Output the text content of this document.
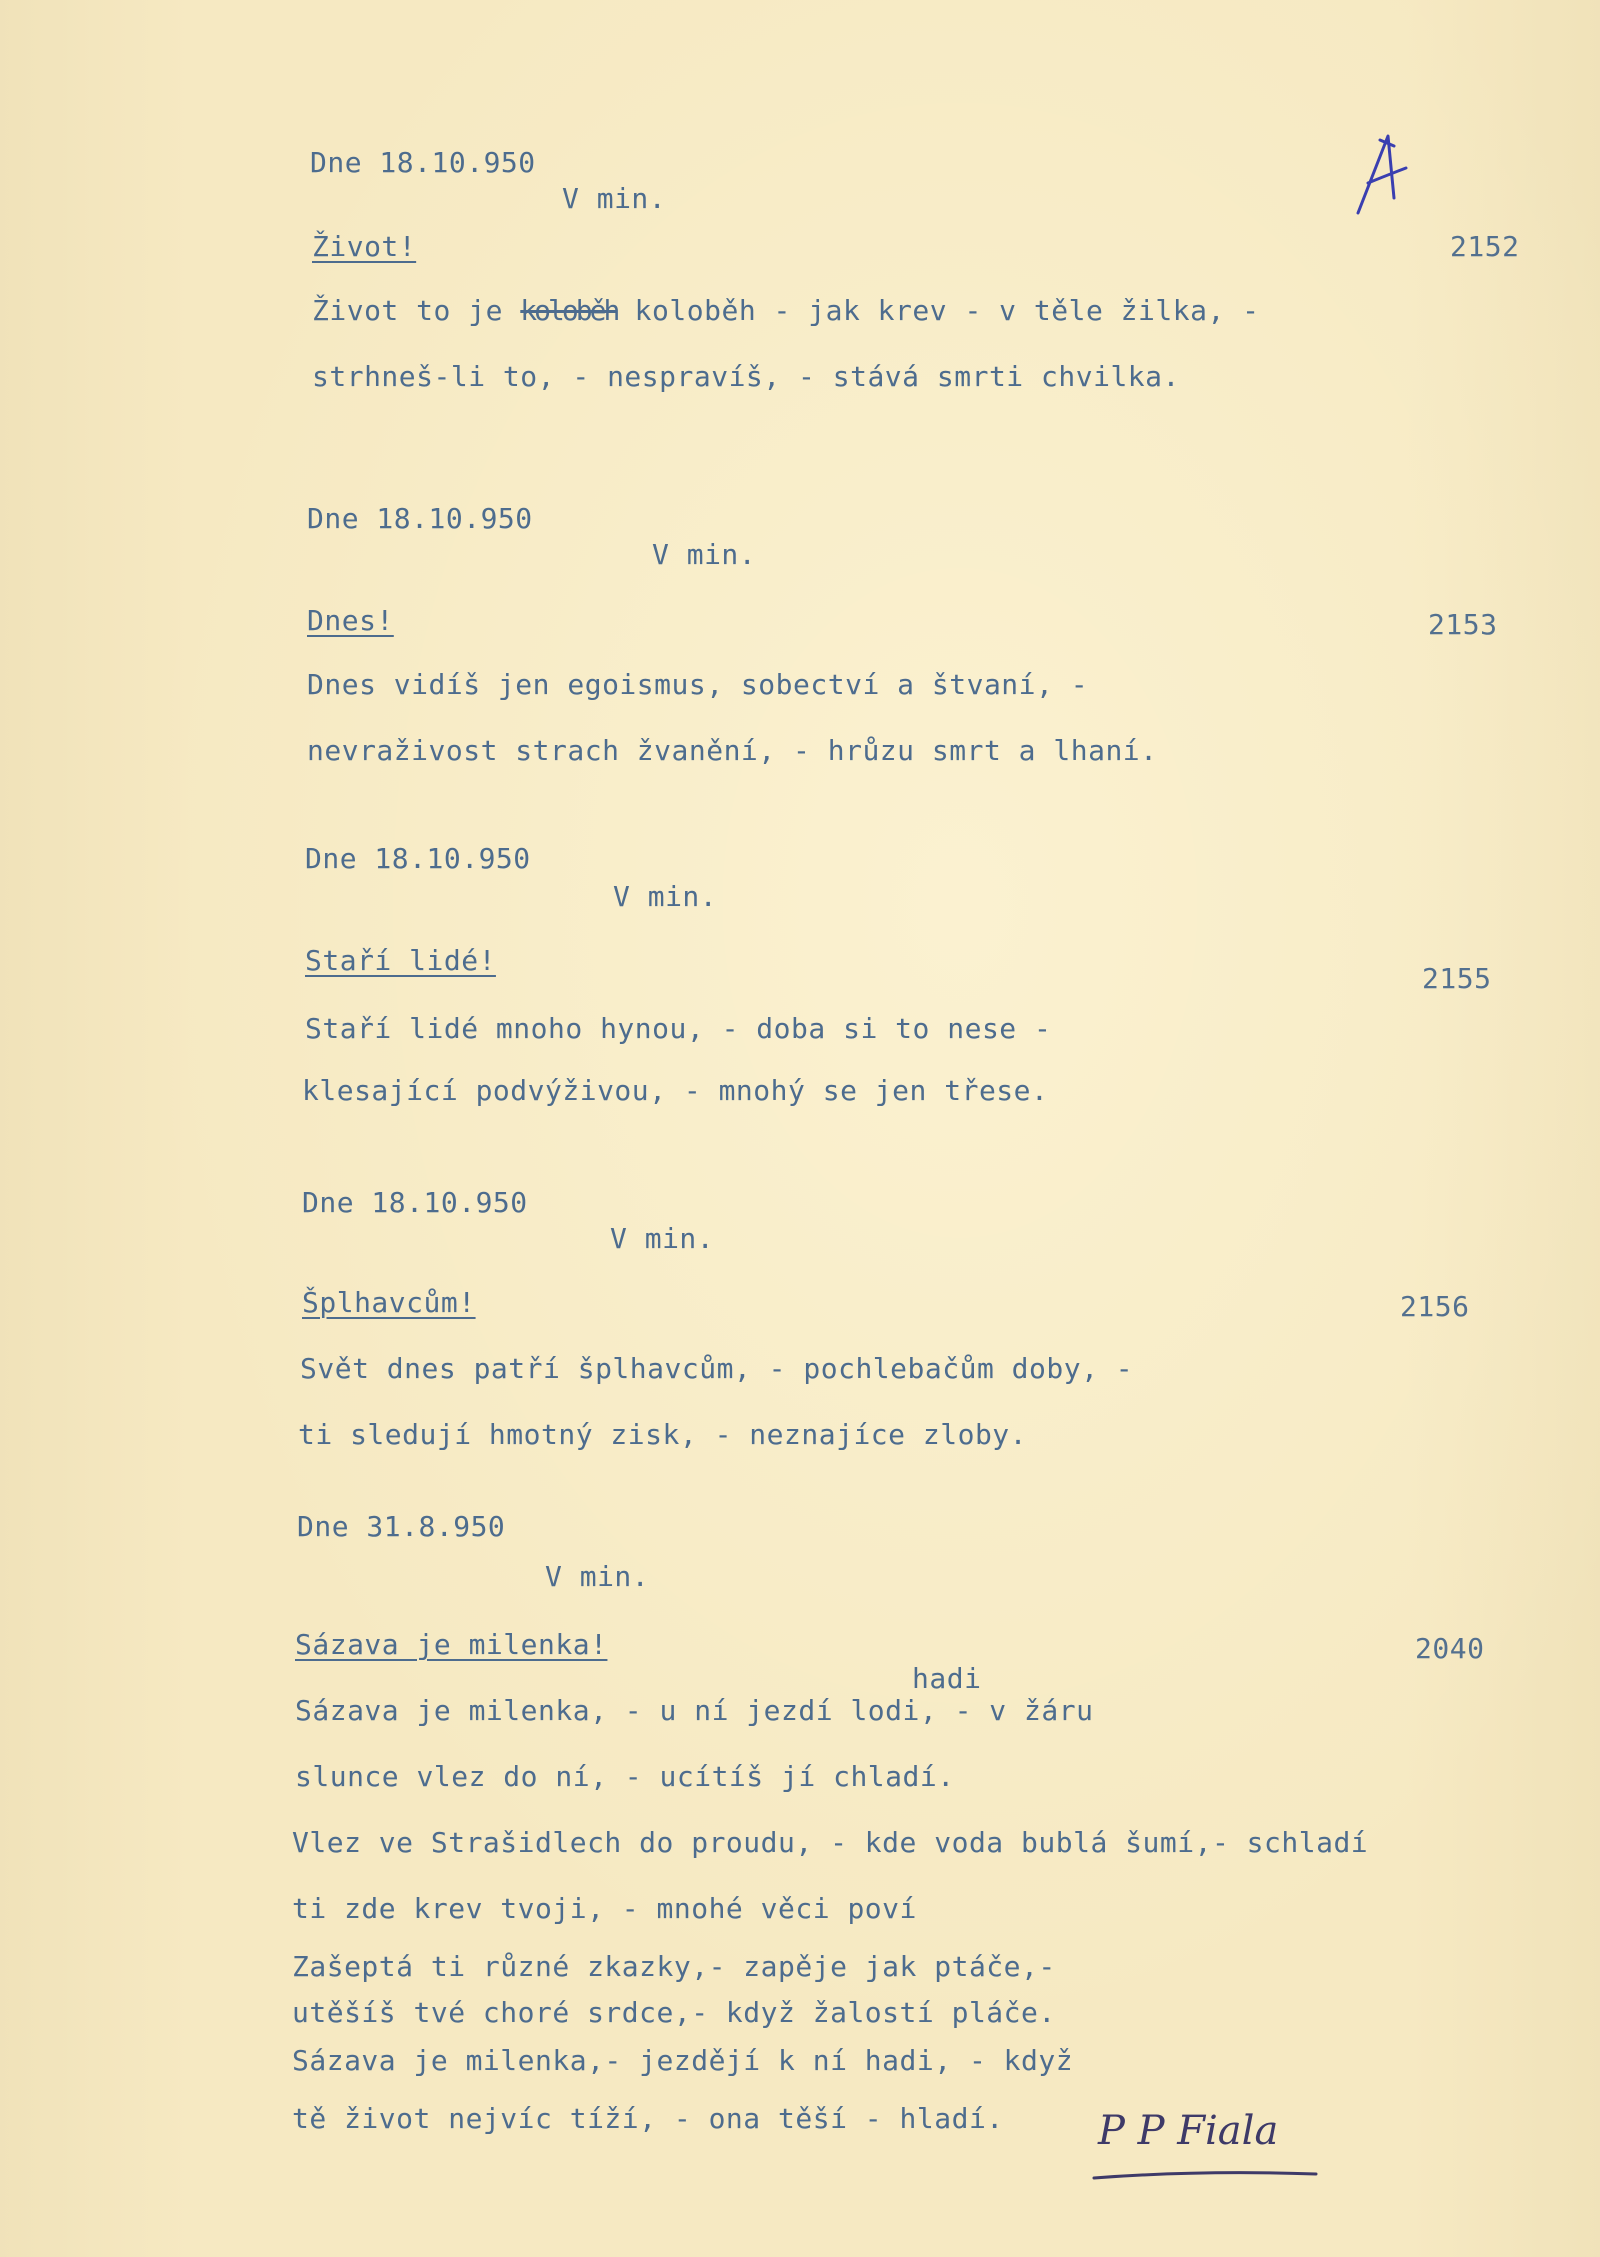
Dne 18.10.950
V min.
Život!	2152
Život to je koloběh koloběh - jak krev - v těle žilka, -
strhneš-li to, - nespravíš, - stává smrti chvilka.
Dne 18.10.950
V min.
Dnes!	2153
Dnes vidíš jen egoismus, sobectví a štvaní, -
nevraživost strach žvanění, - hrůzu smrt a lhaní.
Dne 18.10.950
V min.
Staří lidé!
2155
Staří lidé mnoho hynou, - doba si to nese -
klesající podvýživou, - mnohý se jen třese.
Dne 18.10.950
V min.
Šplhavcům!	2156
Svět dnes patří šplhavcům, - pochlebačům doby, -
ti sledují hmotný zisk, - neznajíce zloby.
Dne 31.8.950
V min.
Sázava je milenka!	2040
hadi
Sázava je milenka, - u ní jezdí lodi, - v žáru
slunce vlez do ní, - ucítíš jí chladí.
Vlez ve Strašidlech do proudu, - kde voda bublá šumí,- schladí
ti zde krev tvoji, - mnohé věci poví
Zašeptá ti různé zkazky,- zapěje jak ptáče,-
utěšíš tvé choré srdce,- když žalostí pláče.
Sázava je milenka,- jezdějí k ní hadi, - když
tě život nejvíc tíží, - ona těší - hladí. P P Fiala
